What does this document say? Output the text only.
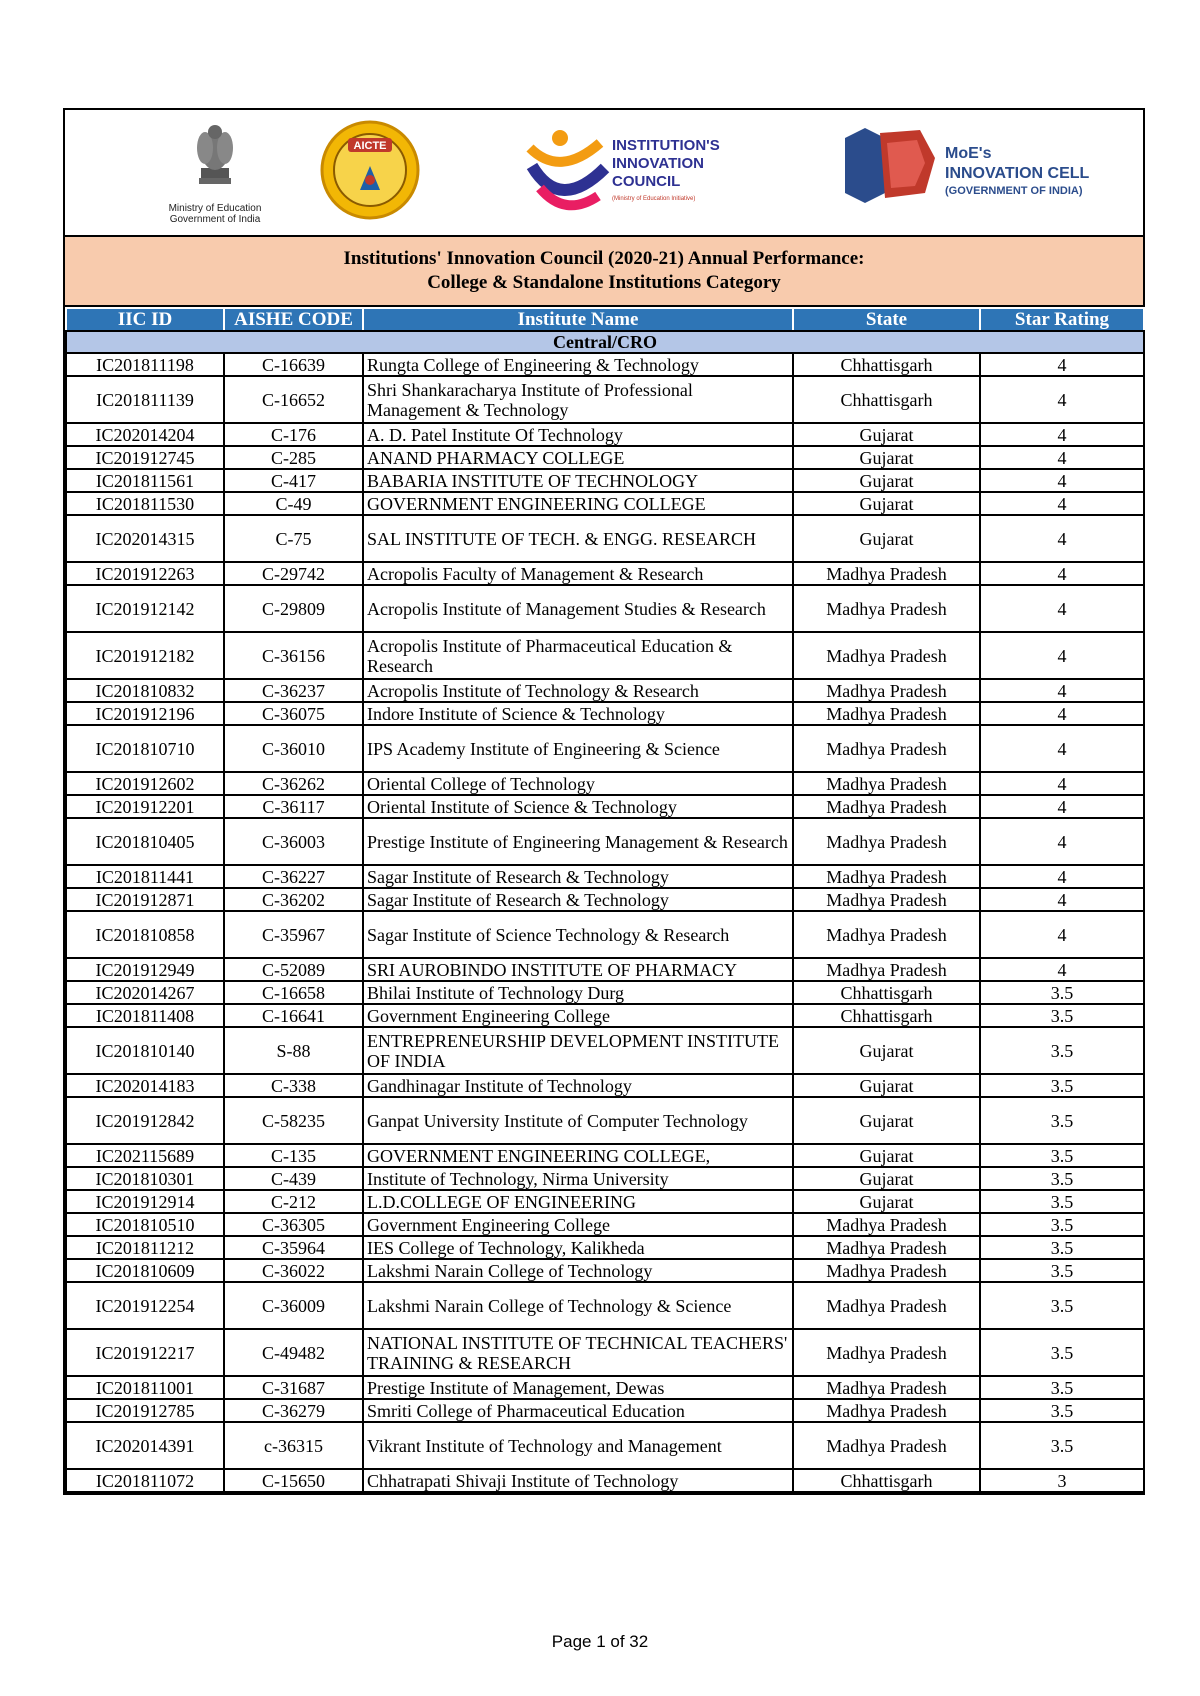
Ministry of Education
Government of India
AICTE	INSTITUTION'S
INNOVATION
COUNCIL
(Ministry of Education Initiative)
MoE's
INNOVATION CELL
(GOVERNMENT OF INDIA)
Institutions' Innovation Council (2020-21) Annual Performance:
College & Standalone Institutions Category
IIC ID	AISHE CODE	Institute Name	State	Star Rating
Central/CRO				
IC201811198	C-16639	Rungta College of Engineering & Technology	Chhattisgarh	4
IC201811139	C-16652	Shri Shankaracharya Institute of Professional Management & Technology	Chhattisgarh	4
IC202014204	C-176	A. D. Patel Institute Of Technology	Gujarat	4
IC201912745	C-285	ANAND PHARMACY COLLEGE	Gujarat	4
IC201811561	C-417	BABARIA INSTITUTE OF TECHNOLOGY	Gujarat	4
IC201811530	C-49	GOVERNMENT ENGINEERING COLLEGE	Gujarat	4
IC202014315	C-75	SAL INSTITUTE OF TECH. & ENGG. RESEARCH	Gujarat	4
IC201912263	C-29742	Acropolis Faculty of Management & Research	Madhya Pradesh	4
IC201912142	C-29809	Acropolis Institute of Management Studies & Research	Madhya Pradesh	4
IC201912182	C-36156	Acropolis Institute of Pharmaceutical Education & Research	Madhya Pradesh	4
IC201810832	C-36237	Acropolis Institute of Technology & Research	Madhya Pradesh	4
IC201912196	C-36075	Indore Institute of Science & Technology	Madhya Pradesh	4
IC201810710	C-36010	IPS Academy Institute of Engineering & Science	Madhya Pradesh	4
IC201912602	C-36262	Oriental College of Technology	Madhya Pradesh	4
IC201912201	C-36117	Oriental Institute of Science & Technology	Madhya Pradesh	4
IC201810405	C-36003	Prestige Institute of Engineering Management & Research	Madhya Pradesh	4
IC201811441	C-36227	Sagar Institute of Research & Technology	Madhya Pradesh	4
IC201912871	C-36202	Sagar Institute of Research & Technology	Madhya Pradesh	4
IC201810858	C-35967	Sagar Institute of Science Technology & Research	Madhya Pradesh	4
IC201912949	C-52089	SRI AUROBINDO INSTITUTE OF PHARMACY	Madhya Pradesh	4
IC202014267	C-16658	Bhilai Institute of Technology Durg	Chhattisgarh	3.5
IC201811408	C-16641	Government Engineering College	Chhattisgarh	3.5
IC201810140	S-88	ENTREPRENEURSHIP DEVELOPMENT INSTITUTE OF INDIA	Gujarat	3.5
IC202014183	C-338	Gandhinagar Institute of Technology	Gujarat	3.5
IC201912842	C-58235	Ganpat University Institute of Computer Technology	Gujarat	3.5
IC202115689	C-135	GOVERNMENT ENGINEERING COLLEGE,	Gujarat	3.5
IC201810301	C-439	Institute of Technology, Nirma University	Gujarat	3.5
IC201912914	C-212	L.D.COLLEGE OF ENGINEERING	Gujarat	3.5
IC201810510	C-36305	Government Engineering College	Madhya Pradesh	3.5
IC201811212	C-35964	IES College of Technology, Kalikheda	Madhya Pradesh	3.5
IC201810609	C-36022	Lakshmi Narain College of Technology	Madhya Pradesh	3.5
IC201912254	C-36009	Lakshmi Narain College of Technology & Science	Madhya Pradesh	3.5
IC201912217	C-49482	NATIONAL INSTITUTE OF TECHNICAL TEACHERS' TRAINING & RESEARCH	Madhya Pradesh	3.5
IC201811001	C-31687	Prestige Institute of Management, Dewas	Madhya Pradesh	3.5
IC201912785	C-36279	Smriti College of Pharmaceutical Education	Madhya Pradesh	3.5
IC202014391	c-36315	Vikrant Institute of Technology and Management	Madhya Pradesh	3.5
IC201811072	C-15650	Chhatrapati Shivaji Institute of Technology	Chhattisgarh	3
Page 1 of 32
